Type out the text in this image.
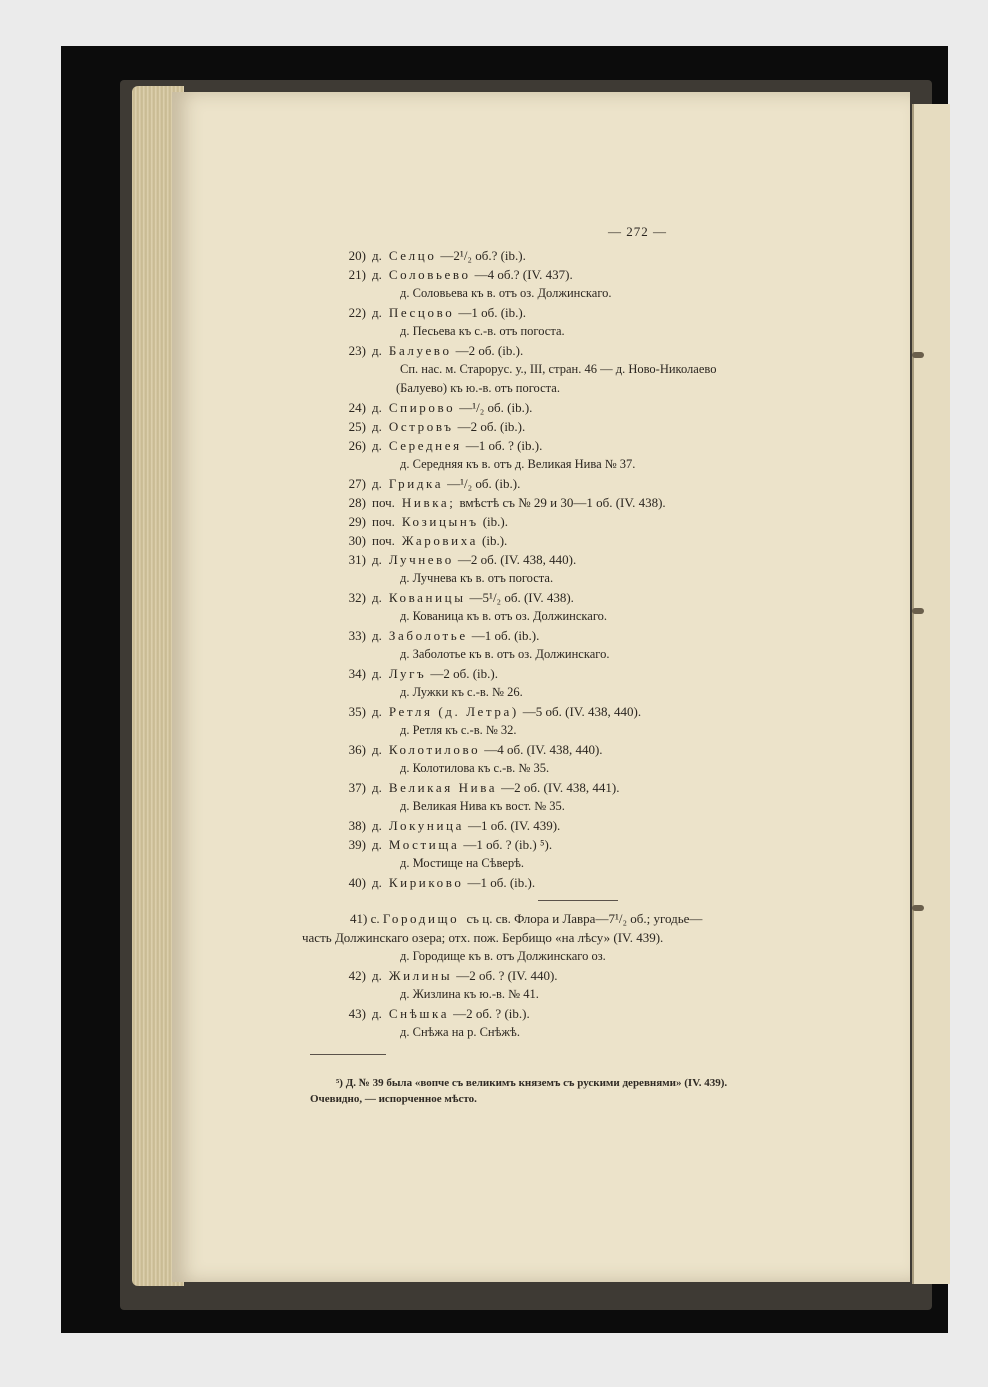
— 272 —
20) д. Селцо —2¹/₂ об.? (ib.).
21) д. Соловьево —4 об.? (IV. 437).
д. Соловьева къ в. отъ оз. Должинскаго.
22) д. Песцово —1 об. (ib.).
д. Песьева къ с.-в. отъ погоста.
23) д. Балуево —2 об. (ib.).
Сп. нас. м. Старорус. у., III, стран. 46 — д. Ново-Николаево
(Балуево) къ ю.-в. отъ погоста.
24) д. Спирово —¹/₂ об. (ib.).
25) д. Островъ —2 об. (ib.).
26) д. Середнея —1 об. ? (ib.).
д. Середняя къ в. отъ д. Великая Нива № 37.
27) д. Гридка —¹/₂ об. (ib.).
28) поч. Нивка; вмѣстѣ съ № 29 и 30—1 об. (IV. 438).
29) поч. Козицынъ (ib.).
30) поч. Жаровиха (ib.).
31) д. Лучнево —2 об. (IV. 438, 440).
д. Лучнева къ в. отъ погоста.
32) д. Кованицы —5¹/₂ об. (IV. 438).
д. Кованица къ в. отъ оз. Должинскаго.
33) д. Заболотье —1 об. (ib.).
д. Заболотье къ в. отъ оз. Должинскаго.
34) д. Лугъ —2 об. (ib.).
д. Лужки къ с.-в. № 26.
35) д. Ретля (д. Летра) —5 об. (IV. 438, 440).
д. Ретля къ с.-в. № 32.
36) д. Колотилово —4 об. (IV. 438, 440).
д. Колотилова къ с.-в. № 35.
37) д. Великая Нива —2 об. (IV. 438, 441).
д. Великая Нива къ вост. № 35.
38) д. Локуница —1 об. (IV. 439).
39) д. Мостища —1 об. ? (ib.) ⁵).
д. Мостище на Сѣверѣ.
40) д. Кириково —1 об. (ib.).
41) с. Городищо съ ц. св. Флора и Лавра—7¹/₂ об.; угодье—
часть Должинскаго озера; отх. пож. Бербищо «на лѣсу» (IV. 439).
д. Городище къ в. отъ Должинскаго оз.
42) д. Жилины —2 об. ? (IV. 440).
д. Жизлина къ ю.-в. № 41.
43) д. Снѣшка —2 об. ? (ib.).
д. Снѣжа на р. Снѣжѣ.
⁵) Д. № 39 была «вопче съ великимъ княземъ съ рускими деревнями» (IV. 439).
Очевидно, — испорченное мѣсто.
